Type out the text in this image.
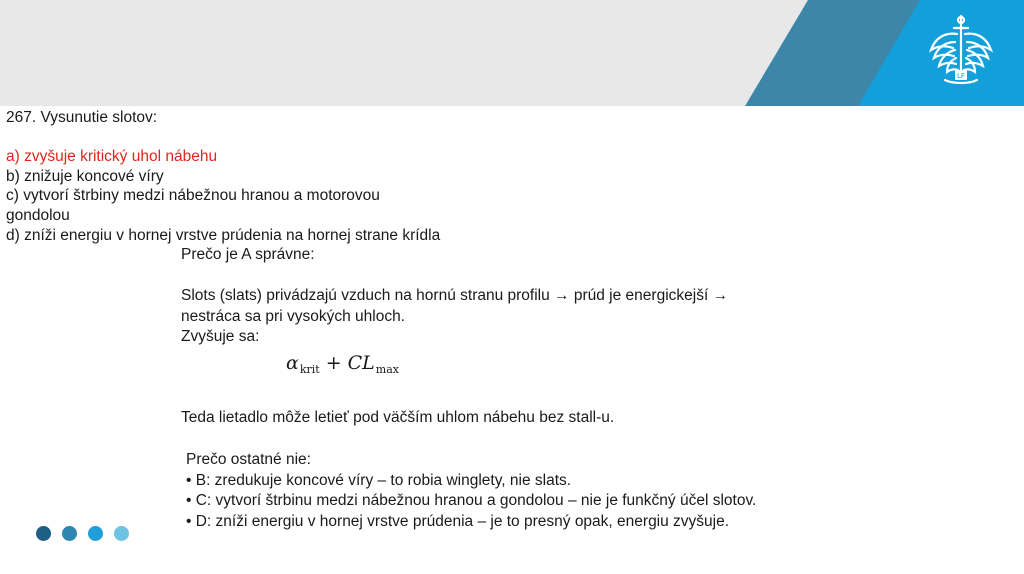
LF
267. Vysunutie slotov:
a) zvyšuje kritický uhol nábehu
b) znižuje koncové víry
c) vytvorí štrbiny medzi nábežnou hranou a motorovou gondolou
d) zníži energiu v hornej vrstve prúdenia na hornej strane krídla
Prečo je A správne:
Slots (slats) privádzajú vzduch na hornú stranu profilu → prúd je energickejší →
nestráca sa pri vysokých uhloch.
Zvyšuje sa:
$\alpha_{krit} + CL_{max}$
Teda lietadlo môže letieť pod väčším uhlom nábehu bez stall-u.
Prečo ostatné nie:
• B: zredukuje koncové víry – to robia winglety, nie slats.
• C: vytvorí štrbinu medzi nábežnou hranou a gondolou – nie je funkčný účel slotov.
• D: zníži energiu v hornej vrstve prúdenia – je to presný opak, energiu zvyšuje.
